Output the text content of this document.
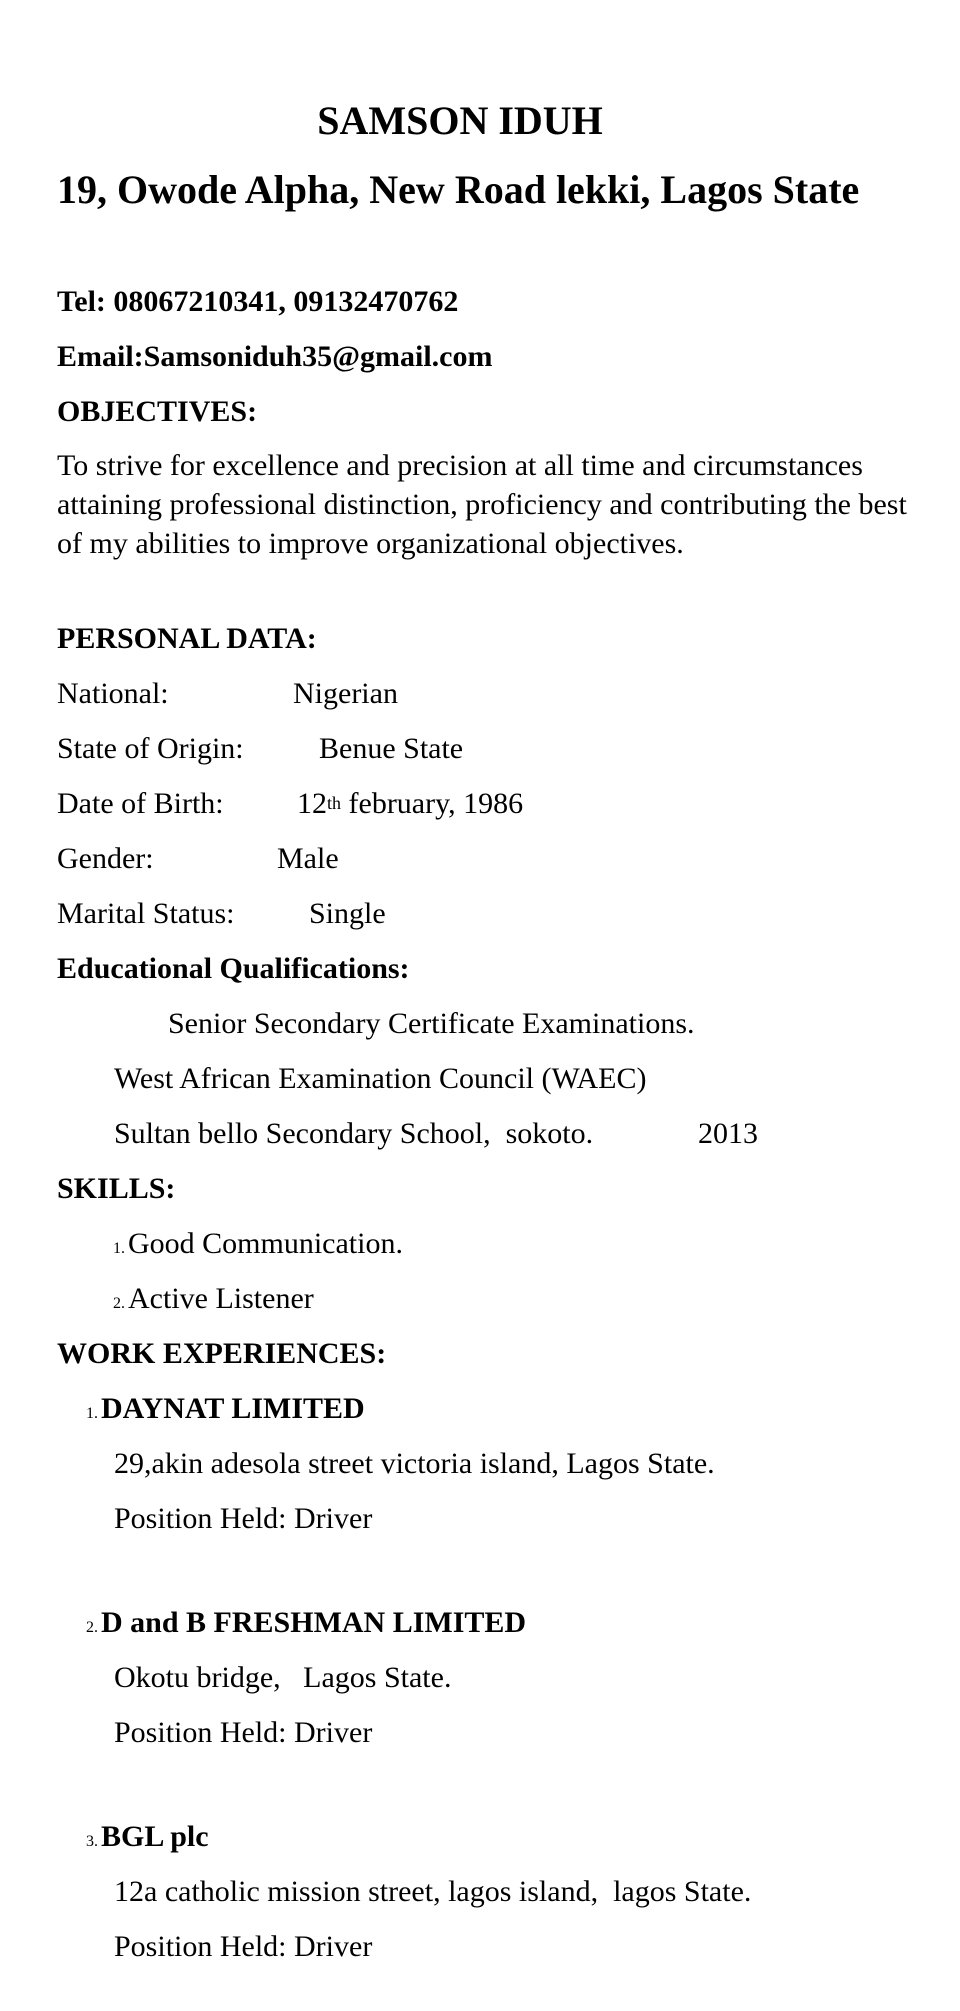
SAMSON IDUH
19, Owode Alpha, New Road lekki, Lagos State
Tel: 08067210341, 09132470762
Email:Samsoniduh35@gmail.com
OBJECTIVES:
To strive for excellence and precision at all time and circumstances attaining professional distinction, proficiency and contributing the best of my abilities to improve organizational objectives.
PERSONAL DATA:
National:	Nigerian
State of Origin:	Benue State
Date of Birth: 12th february, 1986
Gender:	Male
Marital Status: Single
Educational Qualifications:
Senior Secondary Certificate Examinations.
West African Examination Council (WAEC)
Sultan bello Secondary School,  sokoto.	2013
SKILLS:
1. Good Communication.
2. Active Listener
WORK EXPERIENCES:
1. DAYNAT LIMITED
29,akin adesola street victoria island, Lagos State.
Position Held: Driver
2. D and B FRESHMAN LIMITED
Okotu bridge,   Lagos State.
Position Held: Driver
3. BGL plc
12a catholic mission street, lagos island,  lagos State.
Position Held: Driver
